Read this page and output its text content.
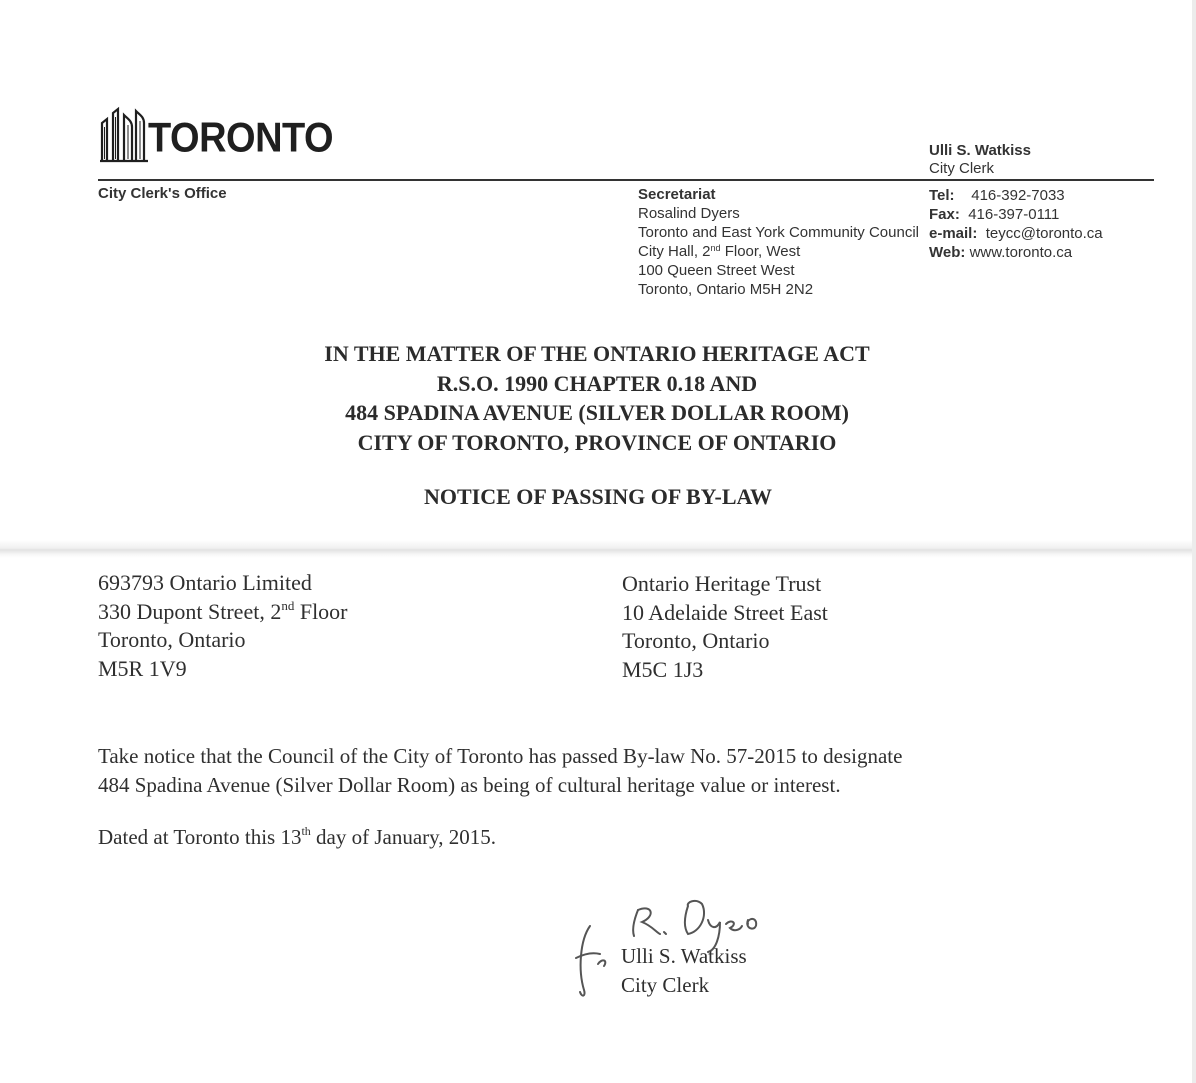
TORONTO	Ulli S. Watkiss
City Clerk
City Clerk's Office	Secretariat
Rosalind Dyers
Toronto and East York Community Council
City Hall, 2nd Floor, West
100 Queen Street West
Toronto, Ontario M5H 2N2
Tel: 416-392-7033
Fax: 416-397-0111
e-mail: teycc@toronto.ca
Web: www.toronto.ca
IN THE MATTER OF THE ONTARIO HERITAGE ACT
R.S.O. 1990 CHAPTER 0.18 AND
484 SPADINA AVENUE (SILVER DOLLAR ROOM)
CITY OF TORONTO, PROVINCE OF ONTARIO
NOTICE OF PASSING OF BY-LAW
693793 Ontario Limited
330 Dupont Street, 2nd Floor
Toronto, Ontario
M5R 1V9
Ontario Heritage Trust
10 Adelaide Street East
Toronto, Ontario
M5C 1J3
Take notice that the Council of the City of Toronto has passed By-law No. 57-2015 to designate
484 Spadina Avenue (Silver Dollar Room) as being of cultural heritage value or interest.
Dated at Toronto this 13th day of January, 2015.
Ulli S. Watkiss
City Clerk
